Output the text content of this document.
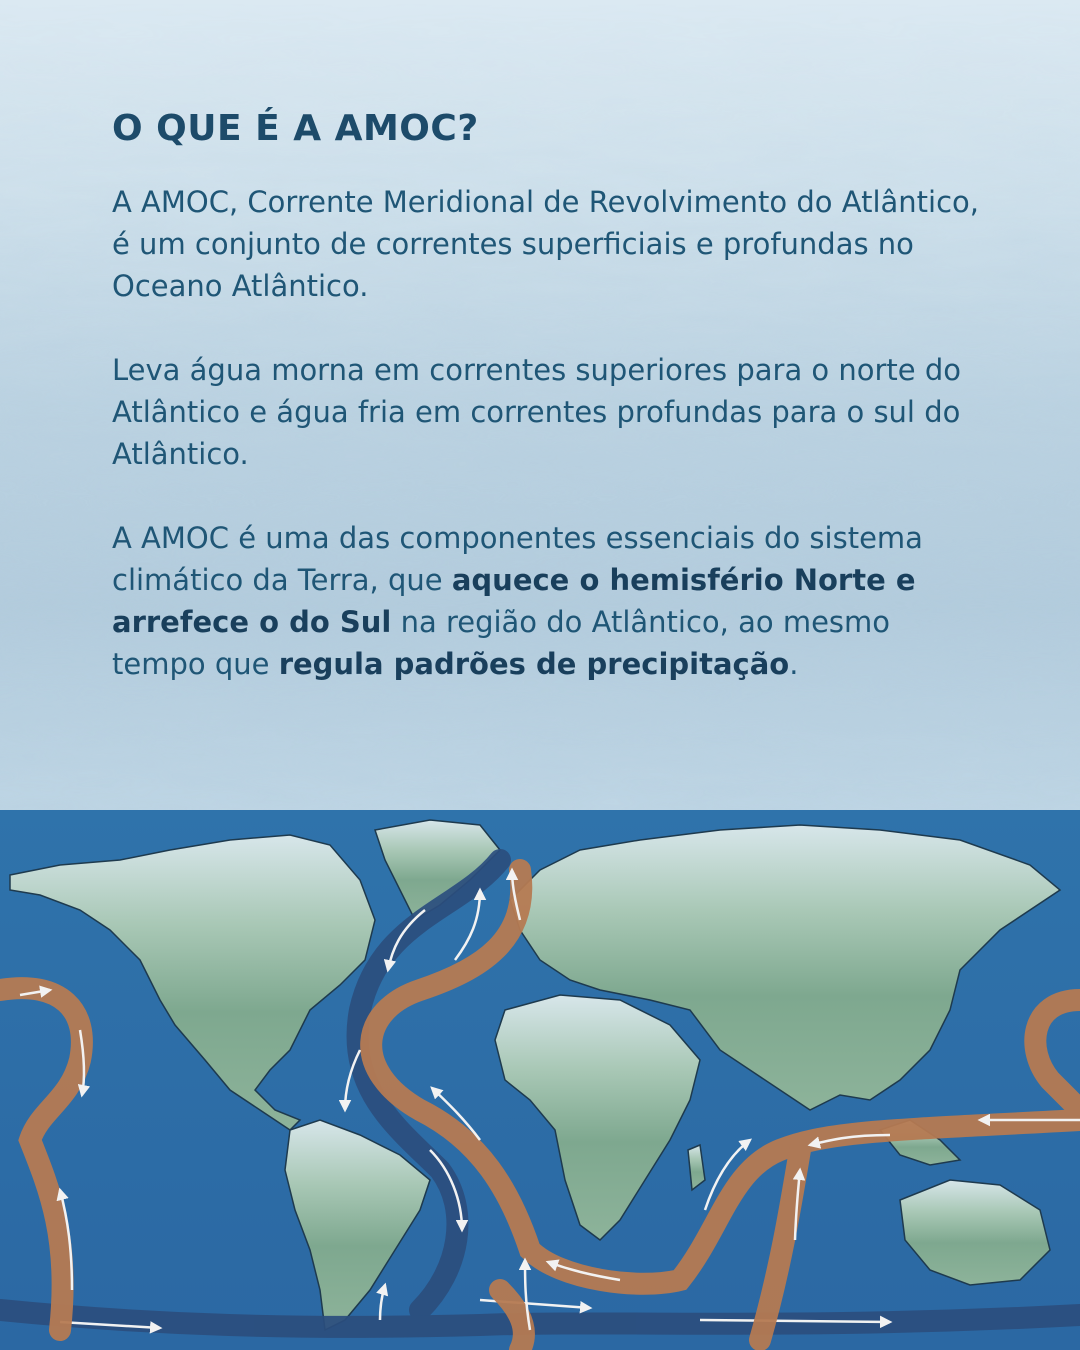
O QUE É A AMOC?

A AMOC, Corrente Meridional de Revolvimento do Atlântico, é um conjunto de correntes superficiais e profundas no Oceano Atlântico.

Leva água morna em correntes superiores para o norte do Atlântico e água fria em correntes profundas para o sul do Atlântico.

A AMOC é uma das componentes essenciais do sistema climático da Terra, que aquece o hemisfério Norte e arrefece o do Sul na região do Atlântico, ao mesmo tempo que regula padrões de precipitação.
